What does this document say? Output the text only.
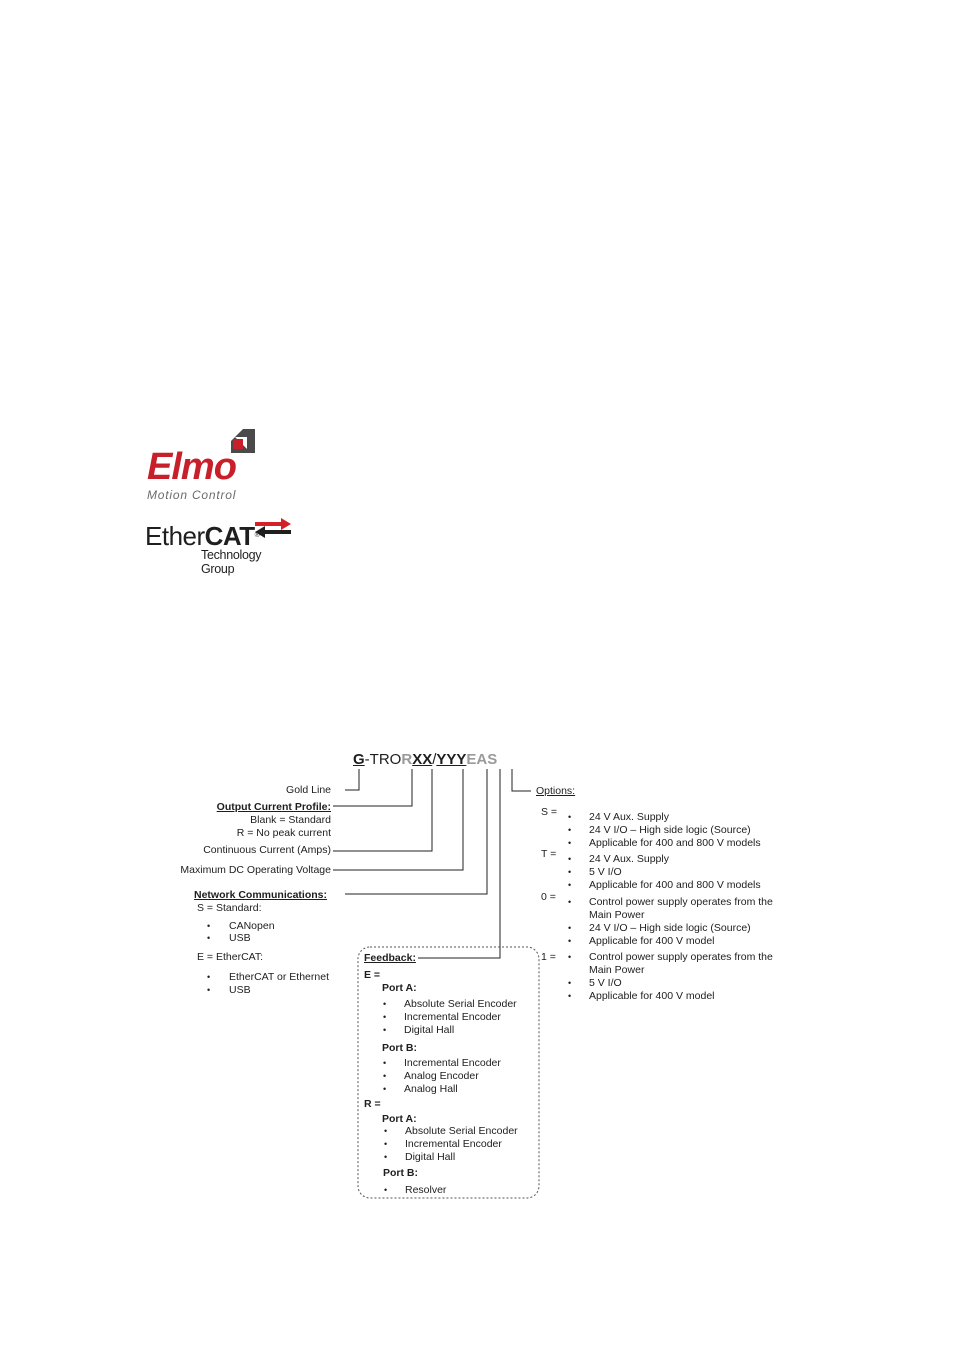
Elmo
Motion Control
EtherCAT®
Technology Group
G-TRORXX/YYYEAS
Gold Line
Output Current Profile:
Blank = Standard
R = No peak current
Continuous Current (Amps)
Maximum DC Operating Voltage
Network Communications:
S = Standard:
• CANopen
• USB
E = EtherCAT:
• EtherCAT or Ethernet
• USB
Feedback:
E =
Port A:
• Absolute Serial Encoder
• Incremental Encoder
• Digital Hall
Port B:
• Incremental Encoder
• Analog Encoder
• Analog Hall
R =
Port A:
• Absolute Serial Encoder
• Incremental Encoder
• Digital Hall
Port B:
• Resolver
Options:
S = • 24 V Aux. Supply
• 24 V I/O – High side logic (Source)
• Applicable for 400 and 800 V models
T = • 24 V Aux. Supply
• 5 V I/O
• Applicable for 400 and 800 V models
0 = • Control power supply operates from the
Main Power
• 24 V I/O – High side logic (Source)
• Applicable for 400 V model
1 = • Control power supply operates from the
Main Power
• 5 V I/O
• Applicable for 400 V model
